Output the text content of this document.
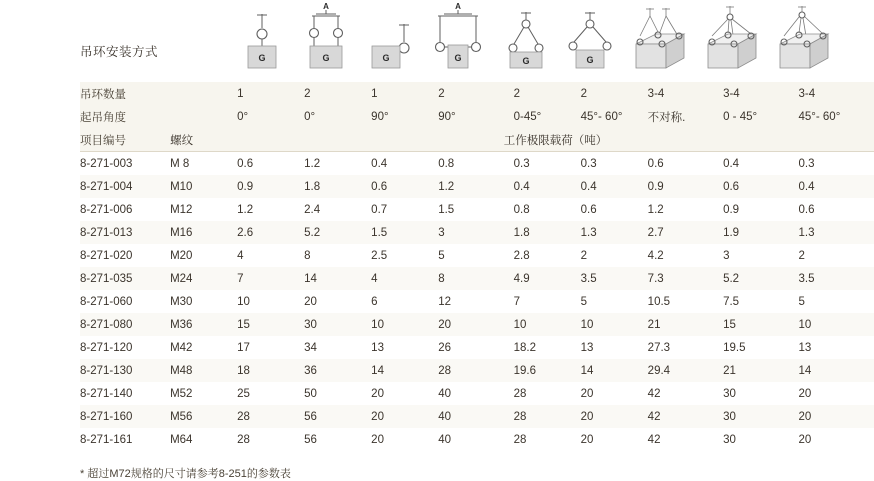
吊环安装方式	G
A
G	G
A
G	G	G
吊环数量		1	2	1	2	2	2	3-4	3-4	3-4
起吊角度		0°	0°	90°	90°	0-45°	45°- 60°	不对称.	0 - 45°	45°- 60°
项目编号	螺纹	工作极限载荷（吨）								
8-271-003	M 8	0.6	1.2	0.4	0.8	0.3	0.3	0.6	0.4	0.3
8-271-004	M10	0.9	1.8	0.6	1.2	0.4	0.4	0.9	0.6	0.4
8-271-006	M12	1.2	2.4	0.7	1.5	0.8	0.6	1.2	0.9	0.6
8-271-013	M16	2.6	5.2	1.5	3	1.8	1.3	2.7	1.9	1.3
8-271-020	M20	4	8	2.5	5	2.8	2	4.2	3	2
8-271-035	M24	7	14	4	8	4.9	3.5	7.3	5.2	3.5
8-271-060	M30	10	20	6	12	7	5	10.5	7.5	5
8-271-080	M36	15	30	10	20	10	10	21	15	10
8-271-120	M42	17	34	13	26	18.2	13	27.3	19.5	13
8-271-130	M48	18	36	14	28	19.6	14	29.4	21	14
8-271-140	M52	25	50	20	40	28	20	42	30	20
8-271-160	M56	28	56	20	40	28	20	42	30	20
8-271-161	M64	28	56	20	40	28	20	42	30	20
* 超过M72规格的尺寸请参考8-251的参数表
